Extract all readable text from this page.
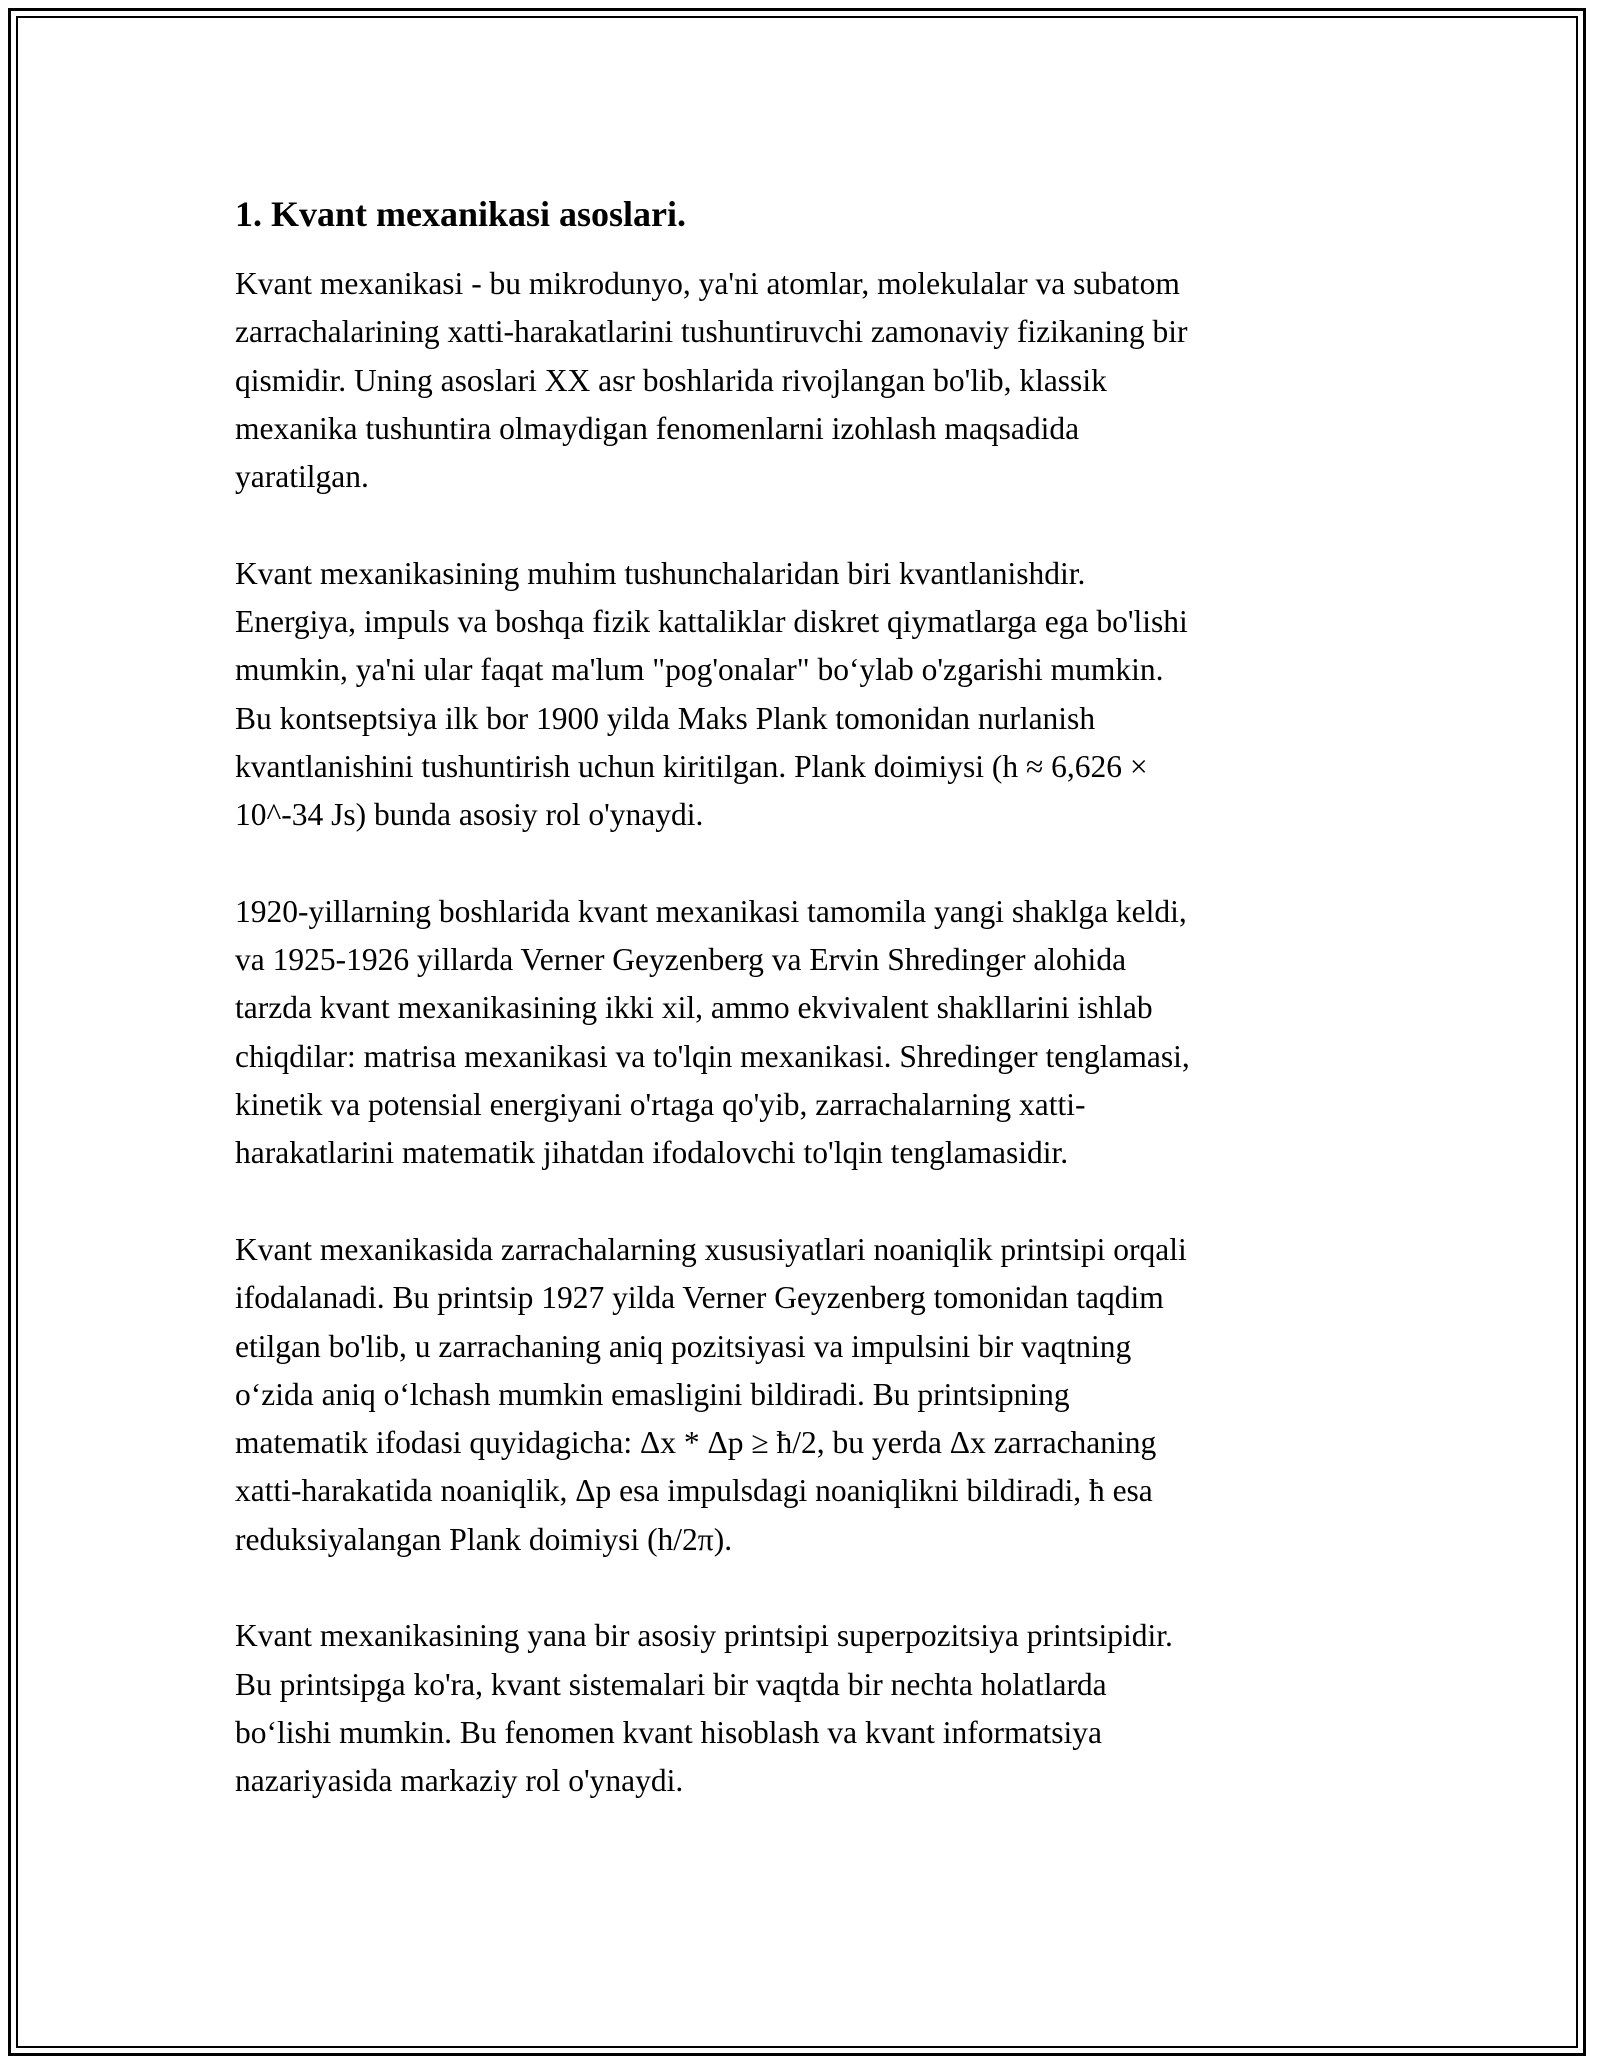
1. Kvant mexanikasi asoslari.

Kvant mexanikasi - bu mikrodunyo, ya'ni atomlar, molekulalar va subatom
zarrachalarining xatti-harakatlarini tushuntiruvchi zamonaviy fizikaning bir
qismidir. Uning asoslari XX asr boshlarida rivojlangan bo'lib, klassik
mexanika tushuntira olmaydigan fenomenlarni izohlash maqsadida
yaratilgan.

Kvant mexanikasining muhim tushunchalaridan biri kvantlanishdir.
Energiya, impuls va boshqa fizik kattaliklar diskret qiymatlarga ega bo'lishi
mumkin, ya'ni ular faqat ma'lum "pog'onalar" bo‘ylab o'zgarishi mumkin.
Bu kontseptsiya ilk bor 1900 yilda Maks Plank tomonidan nurlanish
kvantlanishini tushuntirish uchun kiritilgan. Plank doimiysi (h ≈ 6,626 ×
10^-34 Js) bunda asosiy rol o'ynaydi.

1920-yillarning boshlarida kvant mexanikasi tamomila yangi shaklga keldi,
va 1925-1926 yillarda Verner Geyzenberg va Ervin Shredinger alohida
tarzda kvant mexanikasining ikki xil, ammo ekvivalent shakllarini ishlab
chiqdilar: matrisa mexanikasi va to'lqin mexanikasi. Shredinger tenglamasi,
kinetik va potensial energiyani o'rtaga qo'yib, zarrachalarning xatti-
harakatlarini matematik jihatdan ifodalovchi to'lqin tenglamasidir.

Kvant mexanikasida zarrachalarning xususiyatlari noaniqlik printsipi orqali
ifodalanadi. Bu printsip 1927 yilda Verner Geyzenberg tomonidan taqdim
etilgan bo'lib, u zarrachaning aniq pozitsiyasi va impulsini bir vaqtning
o‘zida aniq o‘lchash mumkin emasligini bildiradi. Bu printsipning
matematik ifodasi quyidagicha: Δx * Δp ≥ ħ/2, bu yerda Δx zarrachaning
xatti-harakatida noaniqlik, Δp esa impulsdagi noaniqlikni bildiradi, ħ esa
reduksiyalangan Plank doimiysi (h/2π).

Kvant mexanikasining yana bir asosiy printsipi superpozitsiya printsipidir.
Bu printsipga ko'ra, kvant sistemalari bir vaqtda bir nechta holatlarda
bo‘lishi mumkin. Bu fenomen kvant hisoblash va kvant informatsiya
nazariyasida markaziy rol o'ynaydi.
